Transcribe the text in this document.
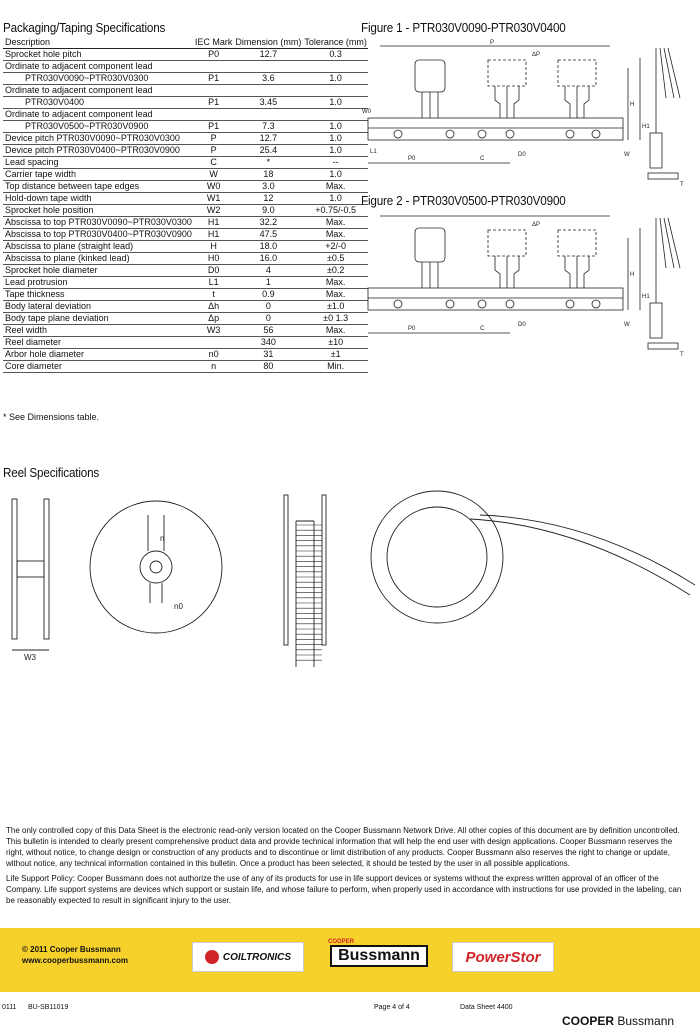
Packaging/Taping Specifications
Description	IEC Mark	Dimension (mm)	Tolerance (mm)
Sprocket hole pitch	P0	12.7	0.3
Ordinate to adjacent component lead			
PTR030V0090~PTR030V0300	P1	3.6	1.0
Ordinate to adjacent component lead			
PTR030V0400	P1	3.45	1.0
Ordinate to adjacent component lead			
PTR030V0500~PTR030V0900	P1	7.3	1.0
Device pitch PTR030V0090~PTR030V0300	P	12.7	1.0
Device pitch PTR030V0400~PTR030V0900	P	25.4	1.0
Lead spacing	C	*	--
Carrier tape width	W	18	1.0
Top distance between tape edges	W0	3.0	Max.
Hold-down tape width	W1	12	1.0
Sprocket hole position	W2	9.0	+0.75/-0.5
Abscissa to top PTR030V0090~PTR030V0300	H1	32.2	Max.
Abscissa to top PTR030V0400~PTR030V0900	H1	47.5	Max.
Abscissa to plane (straight lead)	H	18.0	+2/-0
Abscissa to plane (kinked lead)	H0	16.0	±0.5
Sprocket hole diameter	D0	4	±0.2
Lead protrusion	L1	1	Max.
Tape thickness	t	0.9	Max.
Body lateral deviation	Δh	0	±1.0
Body tape plane deviation	Δp	0	±0 1.3
Reel width	W3	56	Max.
Reel diameter		340	±10
Arbor hole diameter	n0	31	±1
Core diameter	n	80	Min.
* See Dimensions table.
Figure 1 - PTR030V0090-PTR030V0400
P
P0	C
L1	D0
H
H1
W
W0
ΔP
T
Figure 2 - PTR030V0500-PTR030V0900
P0	C
D0
H
H1
W
ΔP
T
Reel Specifications
W3
n
n0
The only controlled copy of this Data Sheet is the electronic read-only version located on the Cooper Bussmann Network Drive. All other copies of this document are by definition uncontrolled. This bulletin is intended to clearly present comprehensive product data and provide technical information that will help the end user with design applications. Cooper Bussmann reserves the right, without notice, to change design or construction of any products and to discontinue or limit distribution of any products. Cooper Bussmann also reserves the right to change or update, without notice, any technical information contained in this bulletin. Once a product has been selected, it should be tested by the user in all possible applications.
Life Support Policy: Cooper Bussmann does not authorize the use of any of its products for use in life support devices or systems without the express written approval of an officer of the Company. Life support systems are devices which support or sustain life, and whose failure to perform, when properly used in accordance with instructions for use provided in the labeling, can be reasonably expected to result in significant injury to the user.
© 2011 Cooper Bussmann
www.cooperbussmann.com	COILTRONICS
COOPER
Bussmann	PowerStor
0111 BU-SB11019	Page 4 of 4	Data Sheet 4400
COOPER Bussmann
